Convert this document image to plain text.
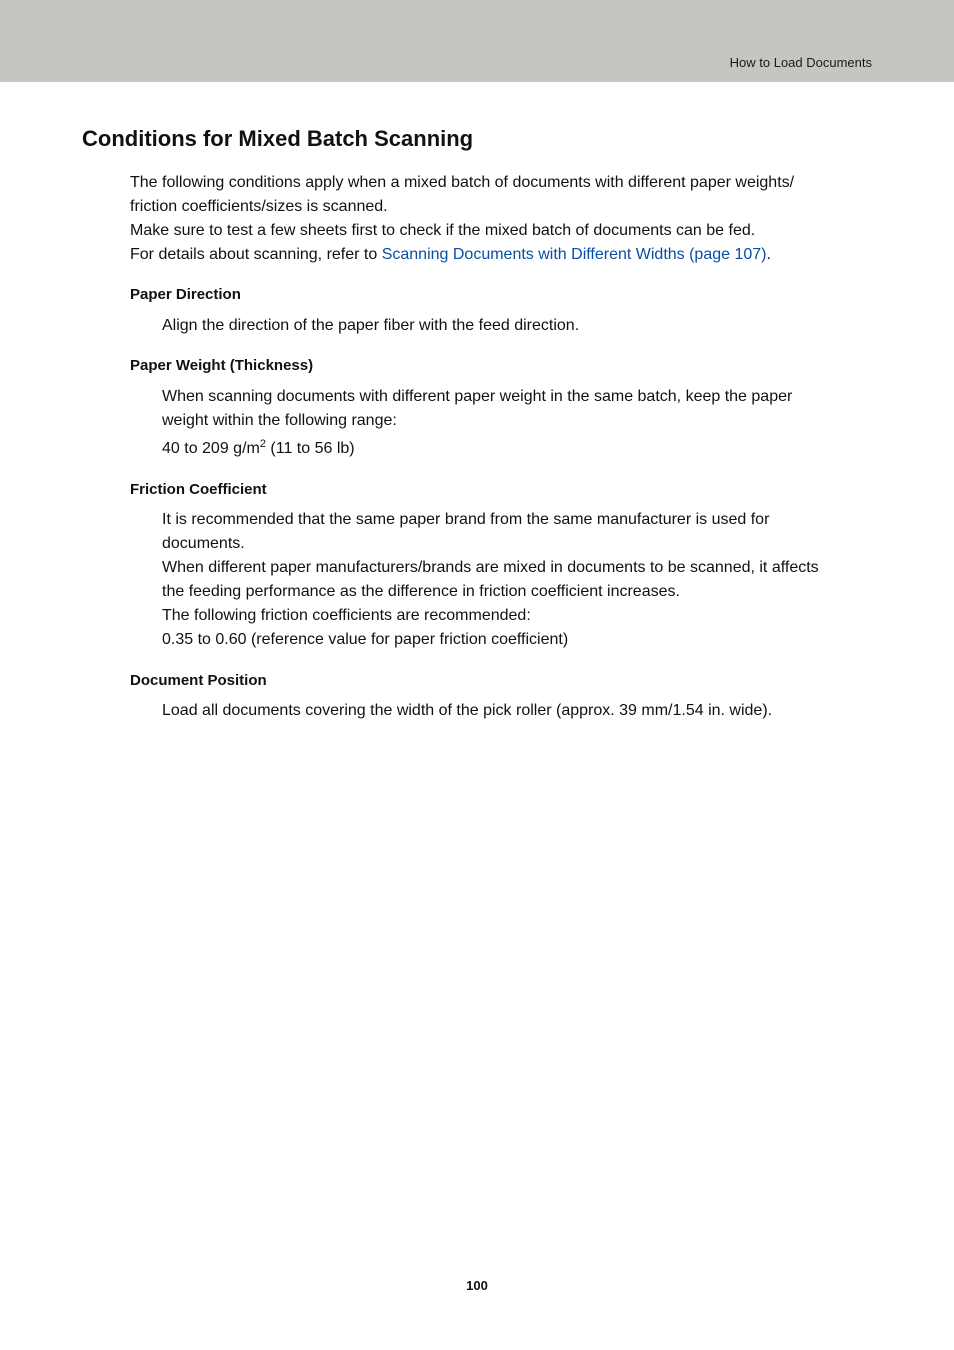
How to Load Documents
Conditions for Mixed Batch Scanning

The following conditions apply when a mixed batch of documents with different paper weights/

friction coefficients/sizes is scanned.

Make sure to test a few sheets first to check if the mixed batch of documents can be fed.

For details about scanning, refer to Scanning Documents with Different Widths (page 107).

Paper Direction

Align the direction of the paper fiber with the feed direction.

Paper Weight (Thickness)

When scanning documents with different paper weight in the same batch, keep the paper

weight within the following range:

40 to 209 $g/m^2$ (11 to 56 lb)

Friction Coefficient

It is recommended that the same paper brand from the same manufacturer is used for

documents.

When different paper manufacturers/brands are mixed in documents to be scanned, it affects

the feeding performance as the difference in friction coefficient increases.

The following friction coefficients are recommended:

0.35 to 0.60 (reference value for paper friction coefficient)

Document Position

Load all documents covering the width of the pick roller (approx. 39 mm/1.54 in. wide).

100
